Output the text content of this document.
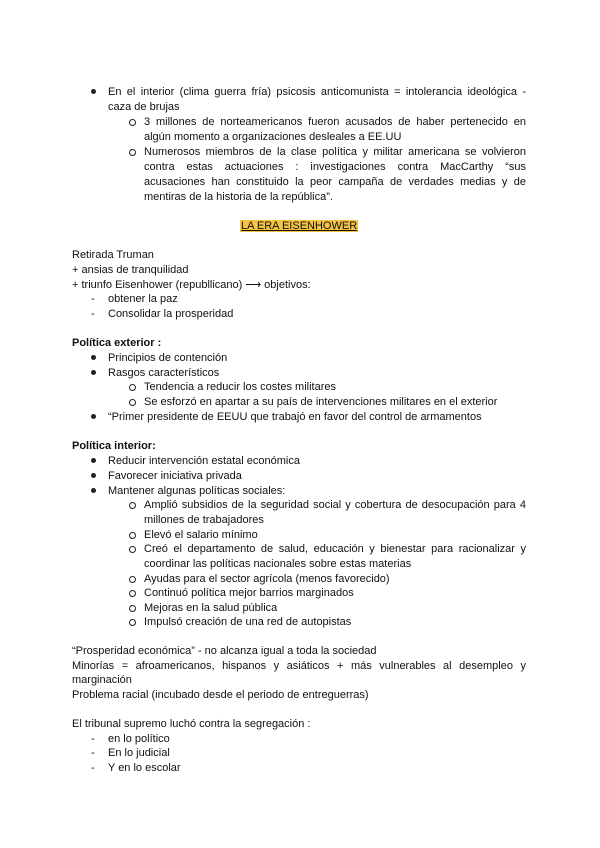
En el interior (clima guerra fría) psicosis anticomunista = intolerancia ideológica -
caza de brujas
3 millones de norteamericanos fueron acusados de haber pertenecido en
algún momento a organizaciones desleales a EE.UU
Numerosos miembros de la clase política y militar americana se volvieron
contra estas actuaciones : investigaciones contra MacCarthy “sus
acusaciones han constituido la peor campaña de verdades medias y de
mentiras de la historia de la república”.
LA ERA EISENHOWER
Retirada Truman
+ ansias de tranquilidad
+ triunfo Eisenhower (republlicano) ⟶ objetivos:
- obtener la paz
- Consolidar la prosperidad
Política exterior :
Principios de contención
Rasgos característicos
Tendencia a reducir los costes militares
Se esforzó en apartar a su país de intervenciones militares en el exterior
“Primer presidente de EEUU que trabajó en favor del control de armamentos
Política interior:
Reducir intervención estatal económica
Favorecer iniciativa privada
Mantener algunas políticas sociales:
Amplió subsidios de la seguridad social y cobertura de desocupación para 4
millones de trabajadores
Elevó el salario mínimo
Creó el departamento de salud, educación y bienestar para racionalizar y
coordinar las políticas nacionales sobre estas materias
Ayudas para el sector agrícola (menos favorecido)
Continuó política mejor barrios marginados
Mejoras en la salud pública
Impulsó creación de una red de autopistas
“Prosperidad económica” - no alcanza igual a toda la sociedad
Minorías = afroamericanos, hispanos y asiáticos + más vulnerables al desempleo y
marginación
Problema racial (incubado desde el periodo de entreguerras)
El tribunal supremo luchó contra la segregación :
- en lo político
- En lo judicial
- Y en lo escolar
